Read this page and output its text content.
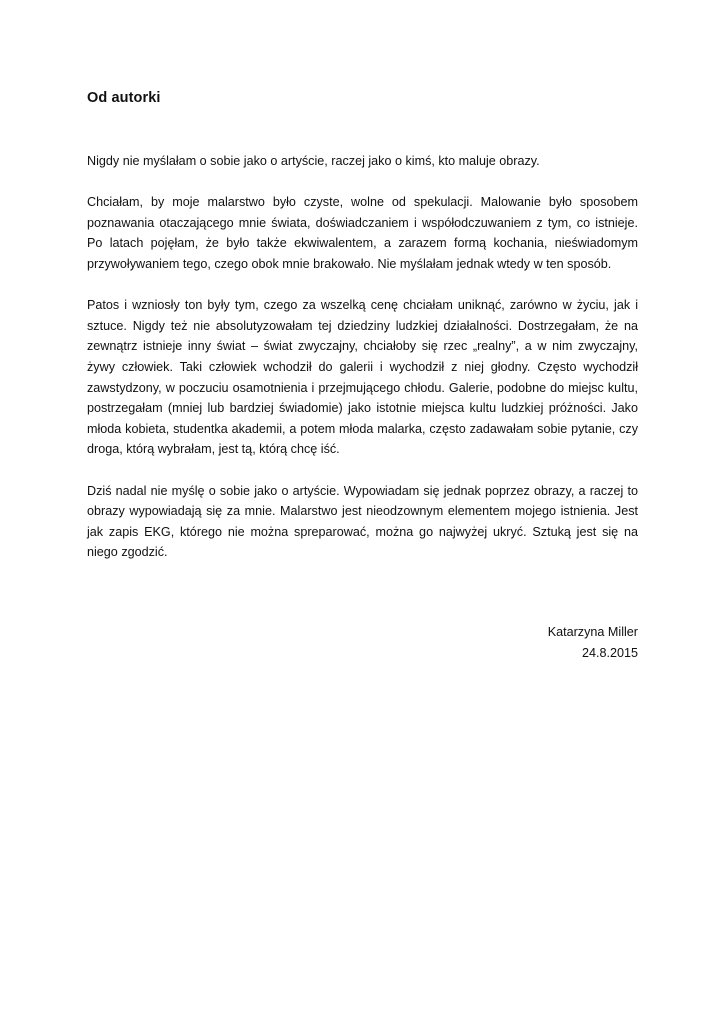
Od autorki

Nigdy nie myślałam o sobie jako o artyście, raczej jako o kimś, kto maluje obrazy.

Chciałam, by moje malarstwo było czyste, wolne od spekulacji. Malowanie było sposobem poznawania otaczającego mnie świata, doświadczaniem i współodczuwaniem z tym, co istnieje. Po latach pojęłam, że było także ekwiwalentem, a zarazem formą kochania, nieświadomym przywoływaniem tego, czego obok mnie brakowało. Nie myślałam jednak wtedy w ten sposób.

Patos i wzniosły ton były tym, czego za wszelką cenę chciałam uniknąć, zarówno w życiu, jak i sztuce. Nigdy też nie absolutyzowałam tej dziedziny ludzkiej działalności. Dostrzegałam, że na zewnątrz istnieje inny świat – świat zwyczajny, chciałoby się rzec „realny”, a w nim zwyczajny, żywy człowiek. Taki człowiek wchodził do galerii i wychodził z niej głodny. Często wychodził zawstydzony, w poczuciu osamotnienia i przejmującego chłodu. Galerie, podobne do miejsc kultu, postrzegałam (mniej lub bardziej świadomie) jako istotnie miejsca kultu ludzkiej próżności. Jako młoda kobieta, studentka akademii, a potem młoda malarka, często zadawałam sobie pytanie, czy droga, którą wybrałam, jest tą, którą chcę iść.

Dziś nadal nie myślę o sobie jako o artyście. Wypowiadam się jednak poprzez obrazy, a raczej to obrazy wypowiadają się za mnie. Malarstwo jest nieodzownym elementem mojego istnienia. Jest jak zapis EKG, którego nie można spreparować, można go najwyżej ukryć. Sztuką jest się na niego zgodzić.

Katarzyna Miller
24.8.2015
